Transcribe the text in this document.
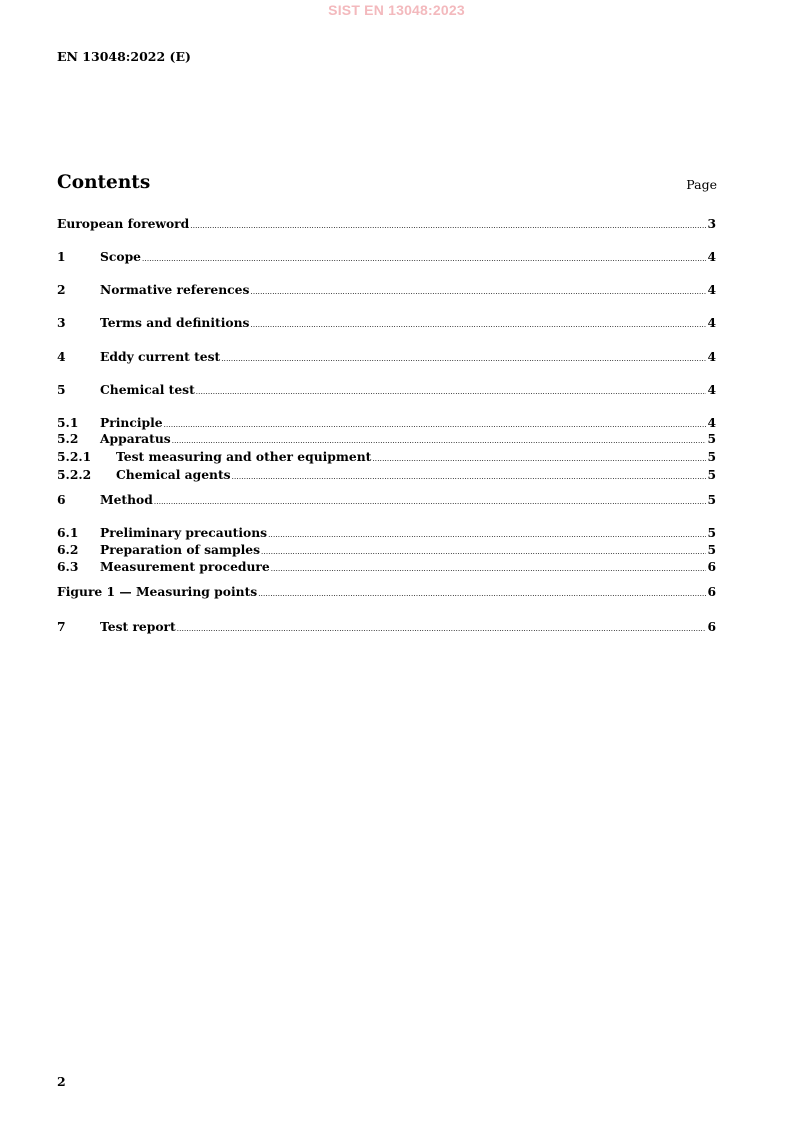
SIST EN 13048:2023
EN 13048:2022 (E)
Contents	Page
European foreword .....	3
1	Scope .....	4
2	Normative references .....	4
3	Terms and definitions .....	4
4	Eddy current test .....	4
5	Chemical test .....	4
5.1	Principle .....	4
5.2	Apparatus .....	5
5.2.1	Test measuring and other equipment .....	5
5.2.2	Chemical agents .....	5
6	Method .....	5
6.1	Preliminary precautions .....	5
6.2	Preparation of samples .....	5
6.3	Measurement procedure .....	6
Figure 1 — Measuring points .....	6
7	Test report .....	6
2
